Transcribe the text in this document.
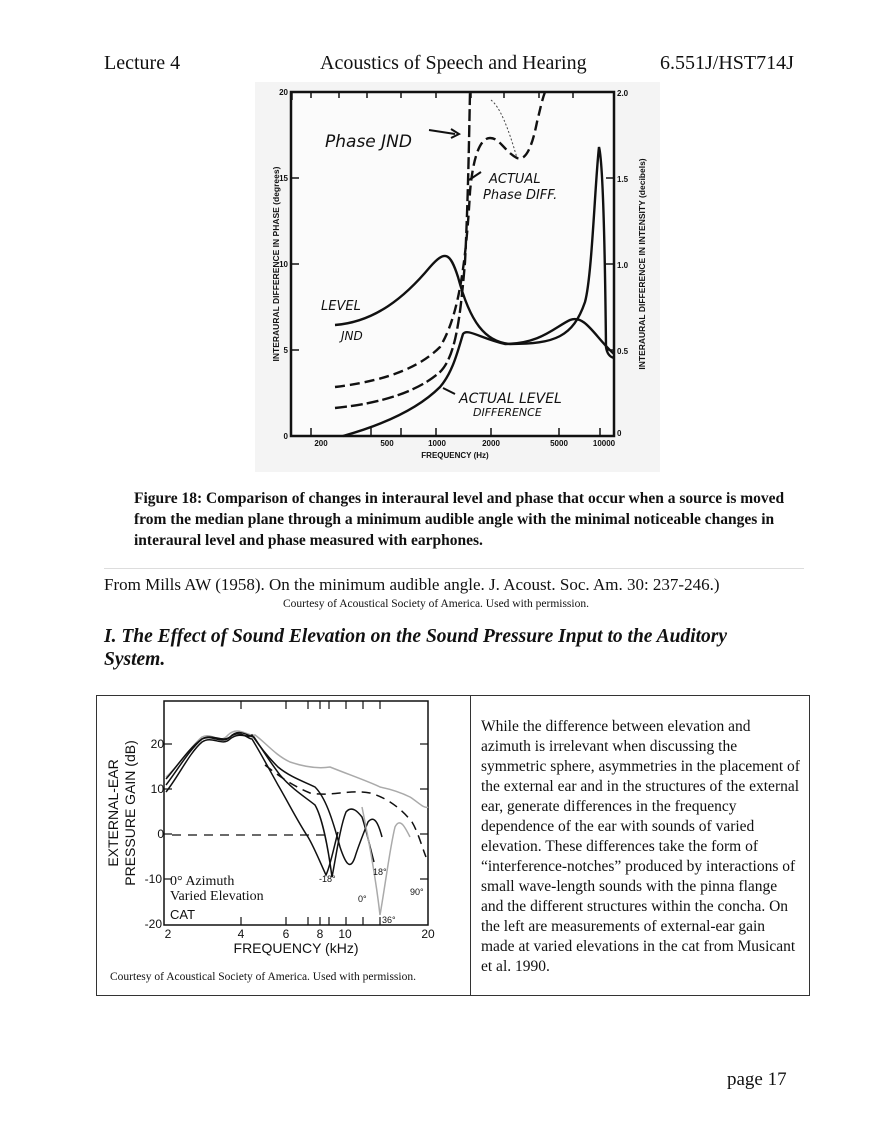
Lecture 4	Acoustics of Speech and Hearing	6.551J/HST714J
20
15
10
5
0
2.0
1.5
1.0
0.5
0
200	500	1000	2000	5000	10000
FREQUENCY (Hz)
INTERAURAL DIFFERENCE IN PHASE (degrees)	INTERAURAL DIFFERENCE IN INTENSITY (decibels)
Phase JND
ACTUAL
Phase DIFF.
LEVEL
JND
ACTUAL LEVEL
DIFFERENCE
Figure 18: Comparison of changes in interaural level and phase that occur when a source is moved from the median plane through a minimum audible angle with the minimal noticeable changes in interaural level and phase measured with earphones.
From Mills AW (1958). On the minimum audible angle. J. Acoust. Soc. Am. 30: 237-246.)
Courtesy of Acoustical Society of America. Used with permission.
I. The Effect of Sound Elevation on the Sound Pressure Input to the Auditory System.
20
10
0
-10
-20
2	4	6 8 10	20
FREQUENCY (kHz)
EXTERNAL-EAR PRESSURE GAIN (dB)	-18°
18°
0°
90°
36°
0° Azimuth
Varied Elevation
CAT
Courtesy of Acoustical Society of America. Used with permission.
While the difference between elevation and azimuth is irrelevant when discussing the symmetric sphere, asymmetries in the placement of the external ear and in the structures of the external ear, generate differences in the frequency dependence of the ear with sounds of varied elevation. These differences take the form of “interference-notches” produced by interactions of small wave-length sounds with the pinna flange and the different structures within the concha. On the left are measurements of external-ear gain made at varied elevations in the cat from Musicant et al. 1990.
page 17
